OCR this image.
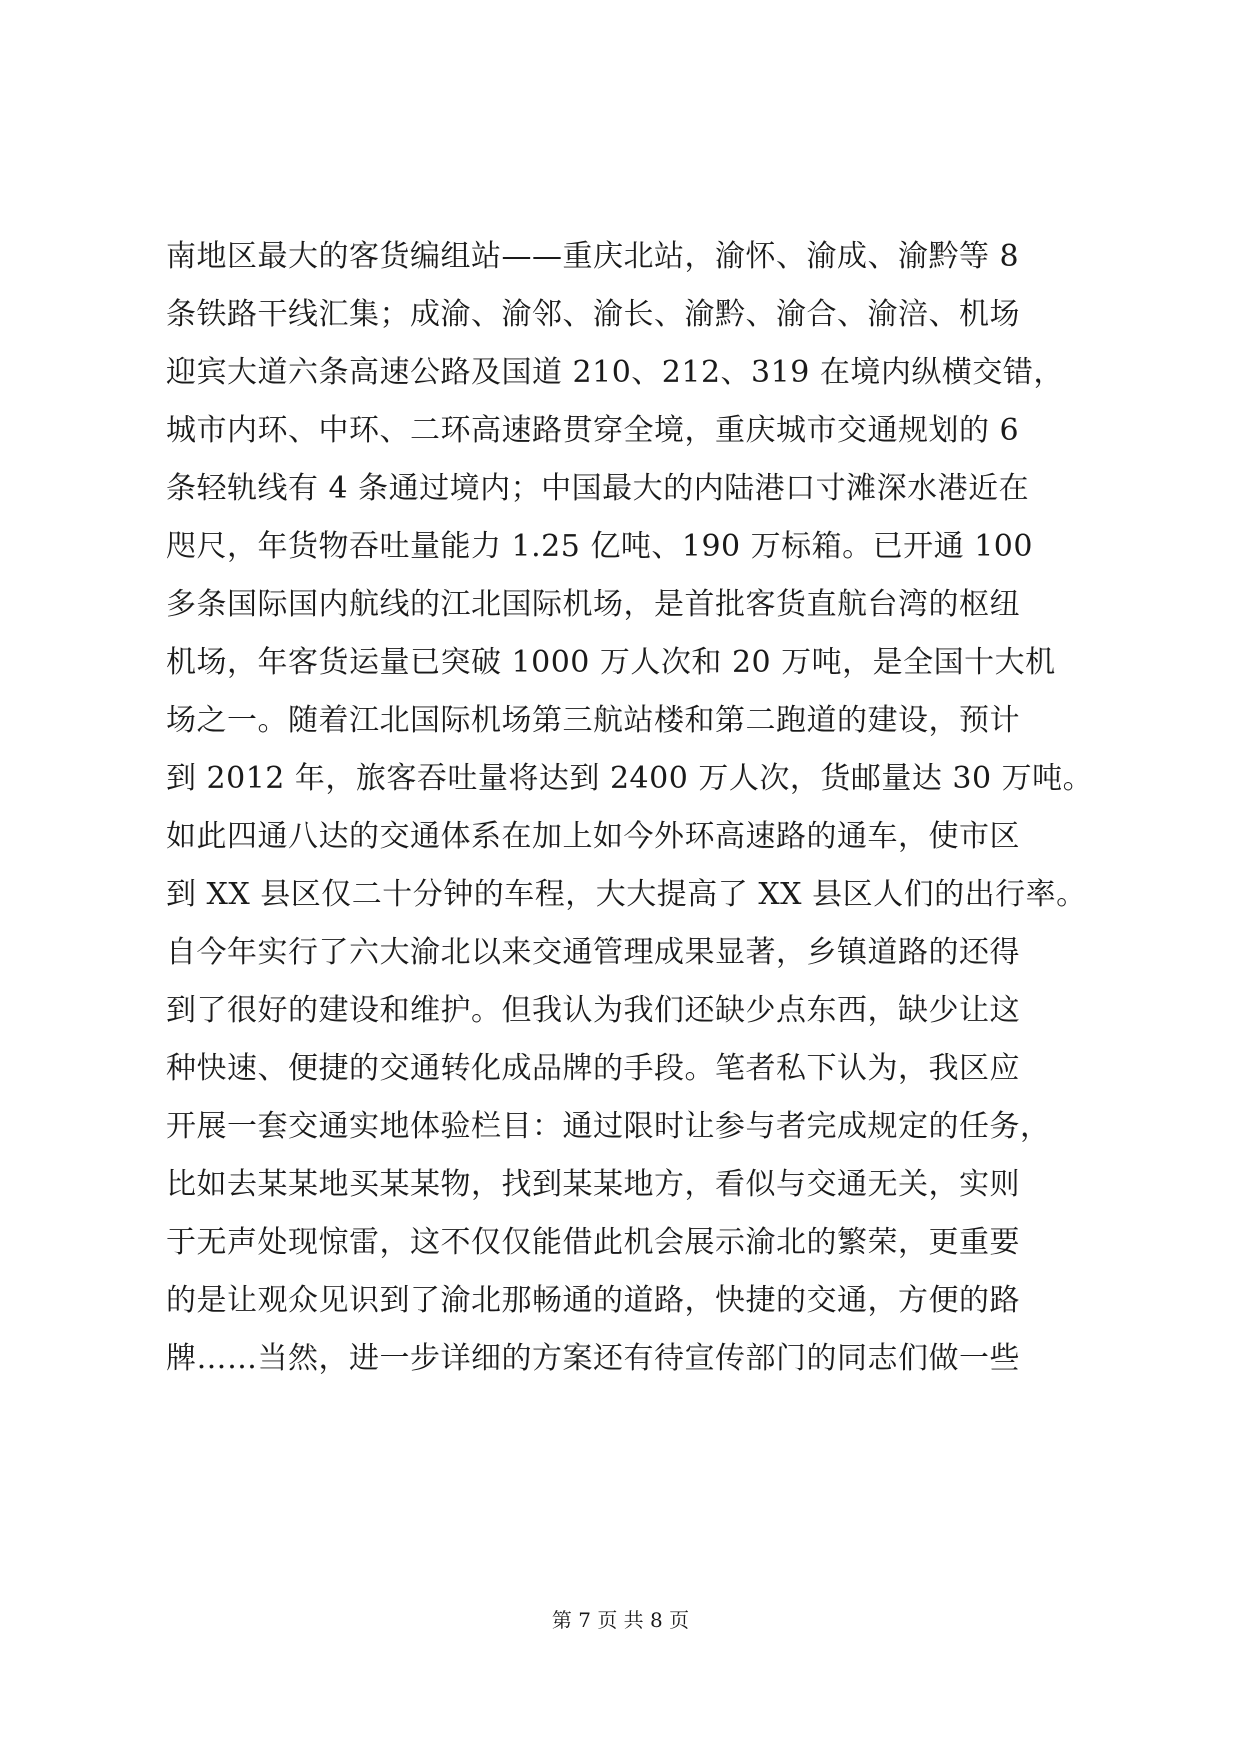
南地区最大的客货编组站——重庆北站，渝怀、渝成、渝黔等 8
条铁路干线汇集；成渝、渝邻、渝长、渝黔、渝合、渝涪、机场
迎宾大道六条高速公路及国道 210、212、319 在境内纵横交错，
城市内环、中环、二环高速路贯穿全境，重庆城市交通规划的 6
条轻轨线有 4 条通过境内；中国最大的内陆港口寸滩深水港近在
咫尺，年货物吞吐量能力 1.25 亿吨、190 万标箱。已开通 100
多条国际国内航线的江北国际机场，是首批客货直航台湾的枢纽
机场，年客货运量已突破 1000 万人次和 20 万吨，是全国十大机
场之一。随着江北国际机场第三航站楼和第二跑道的建设，预计
到 2012 年，旅客吞吐量将达到 2400 万人次，货邮量达 30 万吨。
如此四通八达的交通体系在加上如今外环高速路的通车，使市区
到 XX 县区仅二十分钟的车程，大大提高了 XX 县区人们的出行率。
自今年实行了六大渝北以来交通管理成果显著，乡镇道路的还得
到了很好的建设和维护。但我认为我们还缺少点东西，缺少让这
种快速、便捷的交通转化成品牌的手段。笔者私下认为，我区应
开展一套交通实地体验栏目：通过限时让参与者完成规定的任务，
比如去某某地买某某物，找到某某地方，看似与交通无关，实则
于无声处现惊雷，这不仅仅能借此机会展示渝北的繁荣，更重要
的是让观众见识到了渝北那畅通的道路，快捷的交通，方便的路
牌……当然，进一步详细的方案还有待宣传部门的同志们做一些
第 7 页 共 8 页
